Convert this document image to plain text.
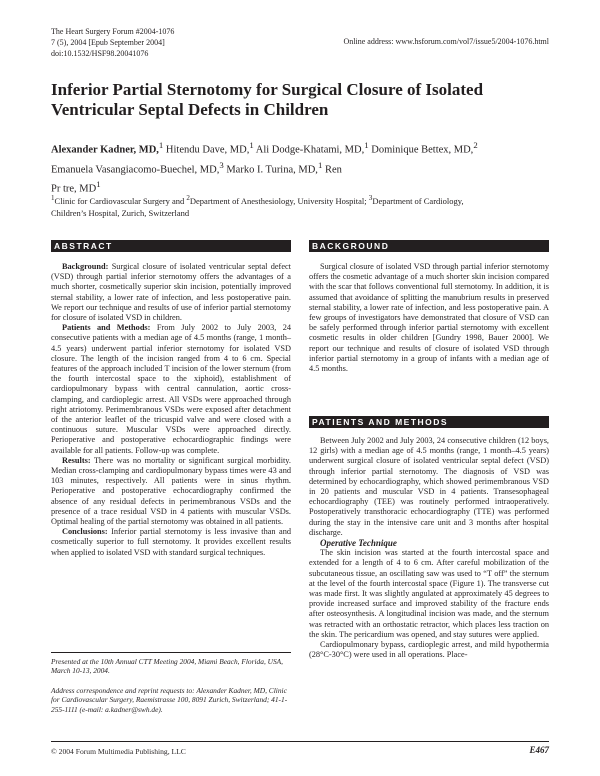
The Heart Surgery Forum #2004-1076
7 (5), 2004 [Epub September 2004]
doi:10.1532/HSF98.20041076
Online address: www.hsforum.com/vol7/issue5/2004-1076.html
Inferior Partial Sternotomy for Surgical Closure of Isolated Ventricular Septal Defects in Children
Alexander Kadner, MD,$^1$ Hitendu Dave, MD,$^1$ Ali Dodge-Khatami, MD,$^1$ Dominique Bettex, MD,$^2$ Emanuela Vasangiacomo-Buechel, MD,$^3$ Marko I. Turina, MD,$^1$ Ren
Pr tre, $MD^1$
$^1$Clinic for Cardiovascular Surgery and $^2$Department of Anesthesiology, University Hospital; $^3$Department of Cardiology, Children’s Hospital, Zurich, Switzerland
ABSTRACT

Background: Surgical closure of isolated ventricular septal defect (VSD) through partial inferior sternotomy offers the advantages of a much shorter, cosmetically superior skin incision, potentially improved sternal stability, a lower rate of infection, and less postoperative pain. We report our technique and results of use of inferior partial sternotomy for closure of isolated VSD in children.

Patients and Methods: From July 2002 to July 2003, 24 consecutive patients with a median age of 4.5 months (range, 1 month–4.5 years) underwent partial inferior sternotomy for isolated VSD closure. The length of the incision ranged from 4 to 6 cm. Special features of the approach included T incision of the lower sternum (from the fourth intercostal space to the xiphoid), establishment of cardiopulmonary bypass with central cannulation, aortic cross-clamping, and cardioplegic arrest. All VSDs were approached through right atriotomy. Perimembranous VSDs were exposed after detachment of the anterior leaflet of the tricuspid valve and were closed with a continuous suture. Muscular VSDs were approached directly. Perioperative and postoperative echocardiographic findings were available for all patients. Follow-up was complete.

Results: There was no mortality or significant surgical morbidity. Median cross-clamping and cardiopulmonary bypass times were 43 and 103 minutes, respectively. All patients were in sinus rhythm. Perioperative and postoperative echocardiography confirmed the absence of any residual defects in perimembranous VSDs and the presence of a trace residual VSD in 4 patients with muscular VSDs. Optimal healing of the partial sternotomy was obtained in all patients.

Conclusions: Inferior partial sternotomy is less invasive than and cosmetically superior to full sternotomy. It provides excellent results when applied to isolated VSD with standard surgical techniques.

Presented at the 10th Annual CTT Meeting 2004, Miami Beach, Florida, USA, March 10-13, 2004.
Address correspondence and reprint requests to: Alexander Kadner, MD, Clinic for Cardiovascular Surgery, Raemistrasse 100, 8091 Zurich, Switzerland; 41-1-255-1111 (e-mail: a.kadner@swh.de).
BACKGROUND

Surgical closure of isolated VSD through partial inferior sternotomy offers the cosmetic advantage of a much shorter skin incision compared with the scar that follows conventional full sternotomy. In addition, it is assumed that avoidance of splitting the manubrium results in preserved sternal stability, a lower rate of infection, and less postoperative pain. A few groups of investigators have demonstrated that closure of VSD can be safely performed through inferior partial sternotomy with excellent cosmetic results in older children [Gundry 1998, Bauer 2000]. We report our technique and results of closure of isolated VSD through inferior partial sternotomy in a group of infants with a median age of 4.5 months.

PATIENTS AND METHODS

Between July 2002 and July 2003, 24 consecutive children (12 boys, 12 girls) with a median age of 4.5 months (range, 1 month–4.5 years) underwent surgical closure of isolated ventricular septal defect (VSD) through inferior partial sternotomy. The diagnosis of VSD was determined by echocardiography, which showed perimembranous VSD in 20 patients and muscular VSD in 4 patients. Transesophageal echocardiography (TEE) was routinely performed intraoperatively. Postoperatively transthoracic echocardiography (TTE) was performed during the stay in the intensive care unit and 3 months after hospital discharge.

Operative Technique

The skin incision was started at the fourth intercostal space and extended for a length of 4 to 6 cm. After careful mobilization of the subcutaneous tissue, an oscillating saw was used to “T off” the sternum at the level of the fourth intercostal space (Figure 1). The transverse cut was made first. It was slightly angulated at approximately 45 degrees to provide increased surface and improved stability of the fracture ends after osteosynthesis. A longitudinal incision was made, and the sternum was retracted with an orthostatic retractor, which places less traction on the skin. The pericardium was opened, and stay sutures were applied.

Cardiopulmonary bypass, cardioplegic arrest, and mild hypothermia (28°C-30°C) were used in all operations. Place-

© 2004 Forum Multimedia Publishing, LLC	E467
